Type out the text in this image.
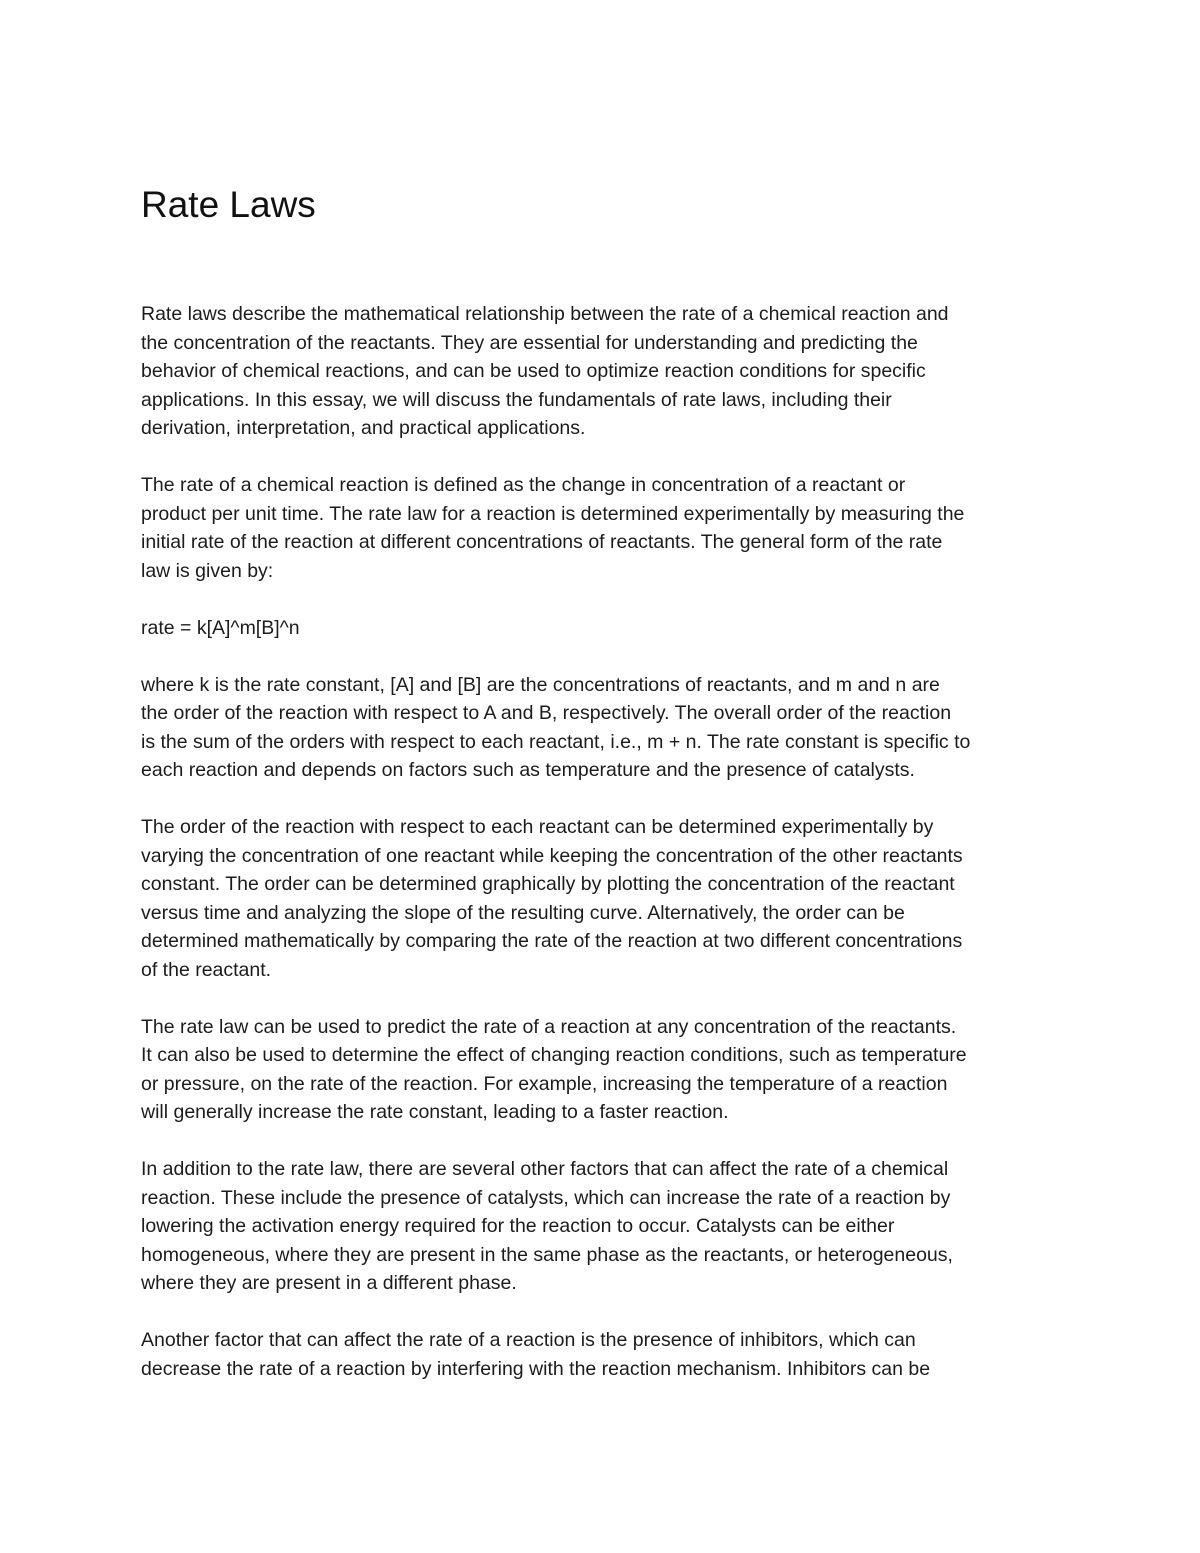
Rate Laws
Rate laws describe the mathematical relationship between the rate of a chemical reaction and
the concentration of the reactants. They are essential for understanding and predicting the
behavior of chemical reactions, and can be used to optimize reaction conditions for specific
applications. In this essay, we will discuss the fundamentals of rate laws, including their
derivation, interpretation, and practical applications.
The rate of a chemical reaction is defined as the change in concentration of a reactant or
product per unit time. The rate law for a reaction is determined experimentally by measuring the
initial rate of the reaction at different concentrations of reactants. The general form of the rate
law is given by:
rate = k[A]^m[B]^n
where k is the rate constant, [A] and [B] are the concentrations of reactants, and m and n are
the order of the reaction with respect to A and B, respectively. The overall order of the reaction
is the sum of the orders with respect to each reactant, i.e., m + n. The rate constant is specific to
each reaction and depends on factors such as temperature and the presence of catalysts.
The order of the reaction with respect to each reactant can be determined experimentally by
varying the concentration of one reactant while keeping the concentration of the other reactants
constant. The order can be determined graphically by plotting the concentration of the reactant
versus time and analyzing the slope of the resulting curve. Alternatively, the order can be
determined mathematically by comparing the rate of the reaction at two different concentrations
of the reactant.
The rate law can be used to predict the rate of a reaction at any concentration of the reactants.
It can also be used to determine the effect of changing reaction conditions, such as temperature
or pressure, on the rate of the reaction. For example, increasing the temperature of a reaction
will generally increase the rate constant, leading to a faster reaction.
In addition to the rate law, there are several other factors that can affect the rate of a chemical
reaction. These include the presence of catalysts, which can increase the rate of a reaction by
lowering the activation energy required for the reaction to occur. Catalysts can be either
homogeneous, where they are present in the same phase as the reactants, or heterogeneous,
where they are present in a different phase.
Another factor that can affect the rate of a reaction is the presence of inhibitors, which can
decrease the rate of a reaction by interfering with the reaction mechanism. Inhibitors can be
